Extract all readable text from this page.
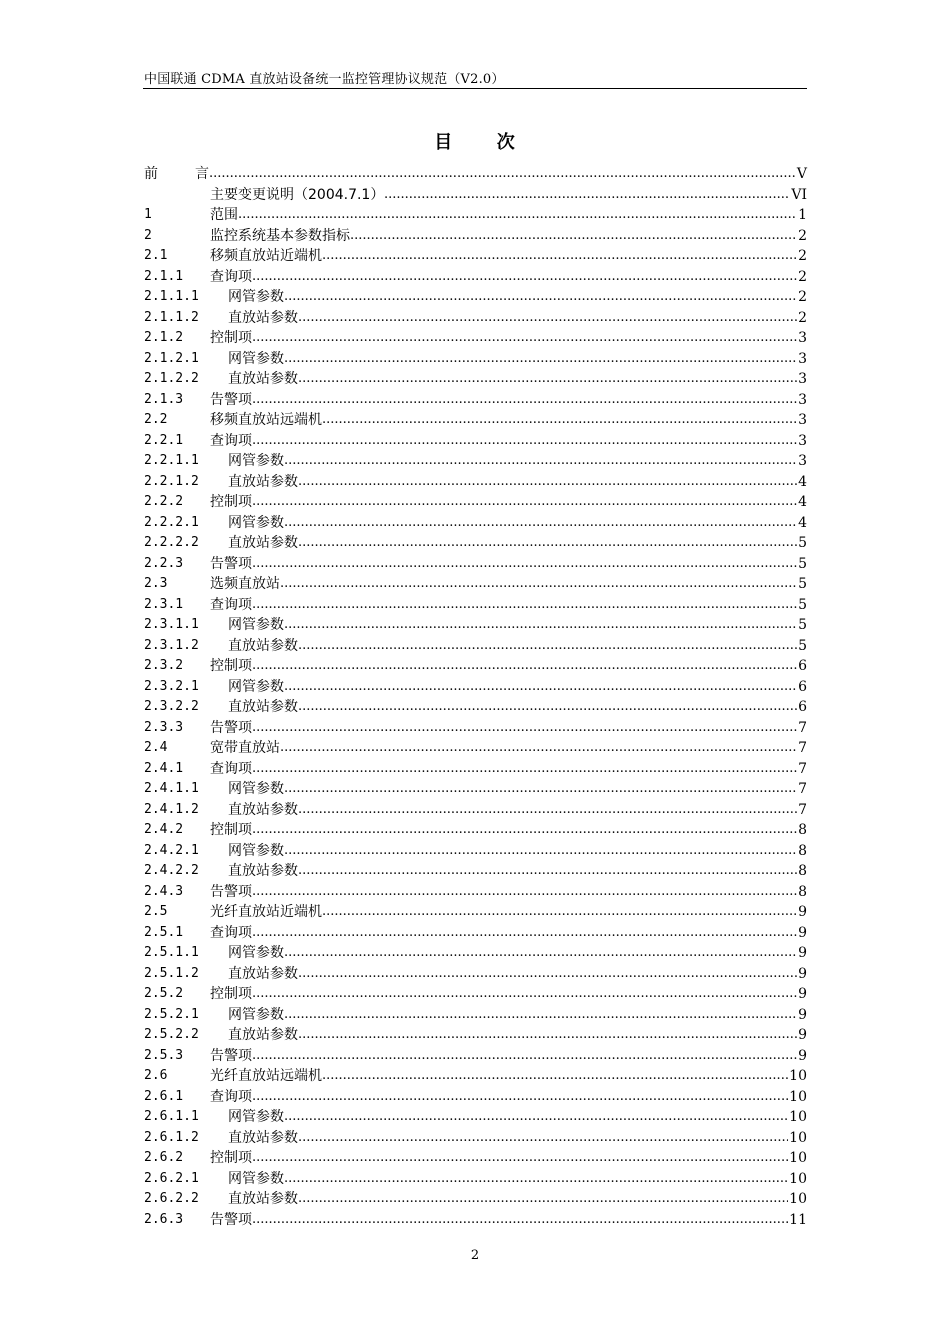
中国联通 CDMA 直放站设备统一监控管理协议规范（V2.0）
目      次
前	言 .....	V
主要变更说明（2004.7.1） .....	VI
1	范围 .....	1
2	监控系统基本参数指标 .....	2
2.1	移频直放站近端机 .....	2
2.1.1 查询项 .....	2
2.1.1.1 网管参数 .....	2
2.1.1.2 直放站参数 .....	2
2.1.2 控制项 .....	3
2.1.2.1 网管参数 .....	3
2.1.2.2 直放站参数 .....	3
2.1.3 告警项 .....	3
2.2	移频直放站远端机 .....	3
2.2.1 查询项 .....	3
2.2.1.1 网管参数 .....	3
2.2.1.2 直放站参数 .....	4
2.2.2 控制项 .....	4
2.2.2.1 网管参数 .....	4
2.2.2.2 直放站参数 .....	5
2.2.3 告警项 .....	5
2.3	选频直放站 .....	5
2.3.1 查询项 .....	5
2.3.1.1 网管参数 .....	5
2.3.1.2 直放站参数 .....	5
2.3.2 控制项 .....	6
2.3.2.1 网管参数 .....	6
2.3.2.2 直放站参数 .....	6
2.3.3 告警项 .....	7
2.4	宽带直放站 .....	7
2.4.1 查询项 .....	7
2.4.1.1 网管参数 .....	7
2.4.1.2 直放站参数 .....	7
2.4.2 控制项 .....	8
2.4.2.1 网管参数 .....	8
2.4.2.2 直放站参数 .....	8
2.4.3 告警项 .....	8
2.5	光纤直放站近端机 .....	9
2.5.1 查询项 .....	9
2.5.1.1 网管参数 .....	9
2.5.1.2 直放站参数 .....	9
2.5.2 控制项 .....	9
2.5.2.1 网管参数 .....	9
2.5.2.2 直放站参数 .....	9
2.5.3 告警项 .....	9
2.6	光纤直放站远端机 .....	10
2.6.1 查询项 .....	10
2.6.1.1 网管参数 .....	10
2.6.1.2 直放站参数 .....	10
2.6.2 控制项 .....	10
2.6.2.1 网管参数 .....	10
2.6.2.2 直放站参数 .....	10
2.6.3 告警项 .....	11
2
